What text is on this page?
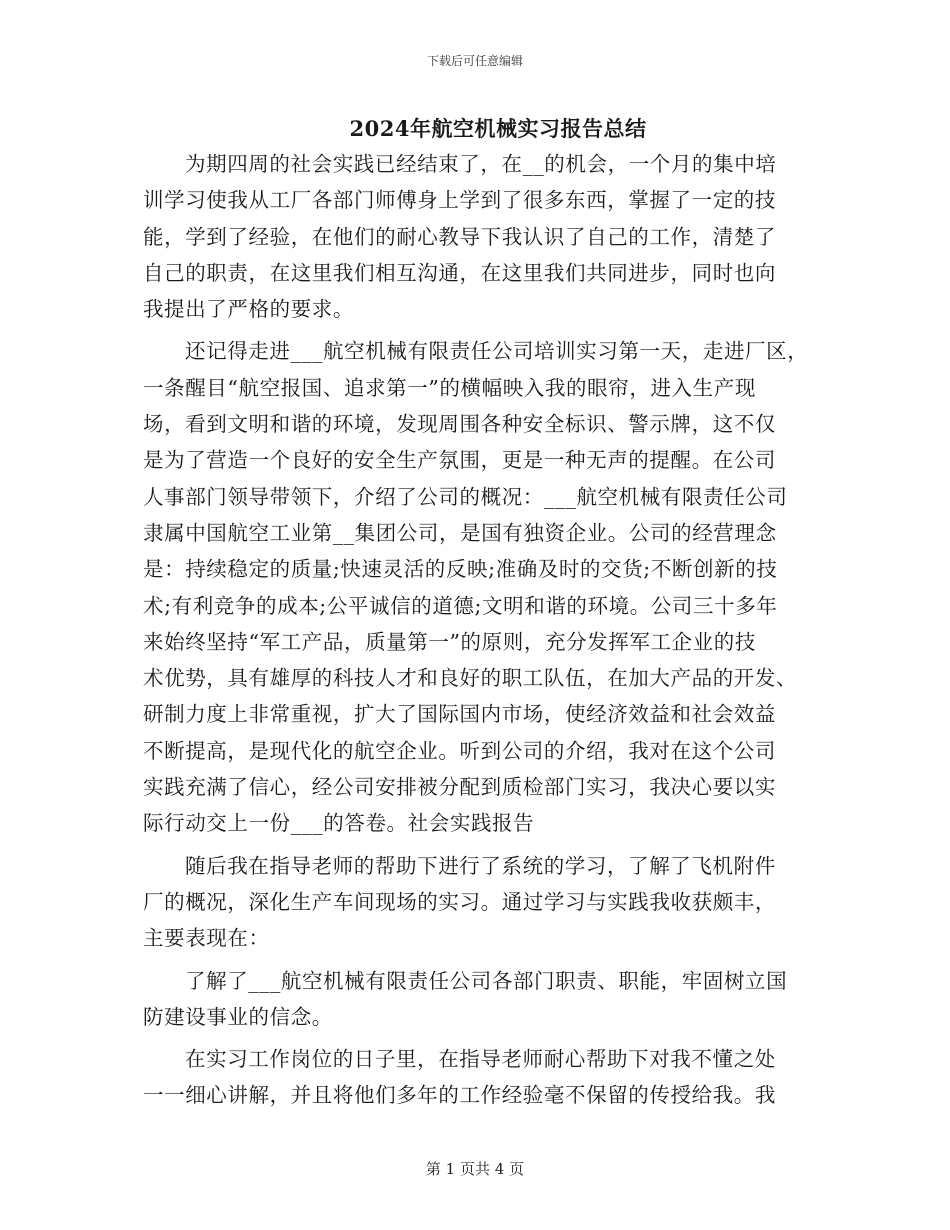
下载后可任意编辑
2024年航空机械实习报告总结
为期四周的社会实践已经结束了，在__的机会，一个月的集中培
训学习使我从工厂各部门师傅身上学到了很多东西，掌握了一定的技
能，学到了经验，在他们的耐心教导下我认识了自己的工作，清楚了
自己的职责，在这里我们相互沟通，在这里我们共同进步，同时也向
我提出了严格的要求。
还记得走进___航空机械有限责任公司培训实习第一天，走进厂区，
一条醒目“航空报国、追求第一”的横幅映入我的眼帘，进入生产现
场，看到文明和谐的环境，发现周围各种安全标识、警示牌，这不仅
是为了营造一个良好的安全生产氛围，更是一种无声的提醒。在公司
人事部门领导带领下，介绍了公司的概况：___航空机械有限责任公司
隶属中国航空工业第__集团公司，是国有独资企业。公司的经营理念
是：持续稳定的质量;快速灵活的反映;准确及时的交货;不断创新的技
术;有利竞争的成本;公平诚信的道德;文明和谐的环境。公司三十多年
来始终坚持“军工产品，质量第一”的原则，充分发挥军工企业的技
术优势，具有雄厚的科技人才和良好的职工队伍，在加大产品的开发、
研制力度上非常重视，扩大了国际国内市场，使经济效益和社会效益
不断提高，是现代化的航空企业。听到公司的介绍，我对在这个公司
实践充满了信心，经公司安排被分配到质检部门实习，我决心要以实
际行动交上一份___的答卷。社会实践报告
随后我在指导老师的帮助下进行了系统的学习，了解了飞机附件
厂的概况，深化生产车间现场的实习。通过学习与实践我收获颇丰，
主要表现在：
了解了___航空机械有限责任公司各部门职责、职能，牢固树立国
防建设事业的信念。
在实习工作岗位的日子里，在指导老师耐心帮助下对我不懂之处
一一细心讲解，并且将他们多年的工作经验毫不保留的传授给我。我
第 1 页共 4 页
